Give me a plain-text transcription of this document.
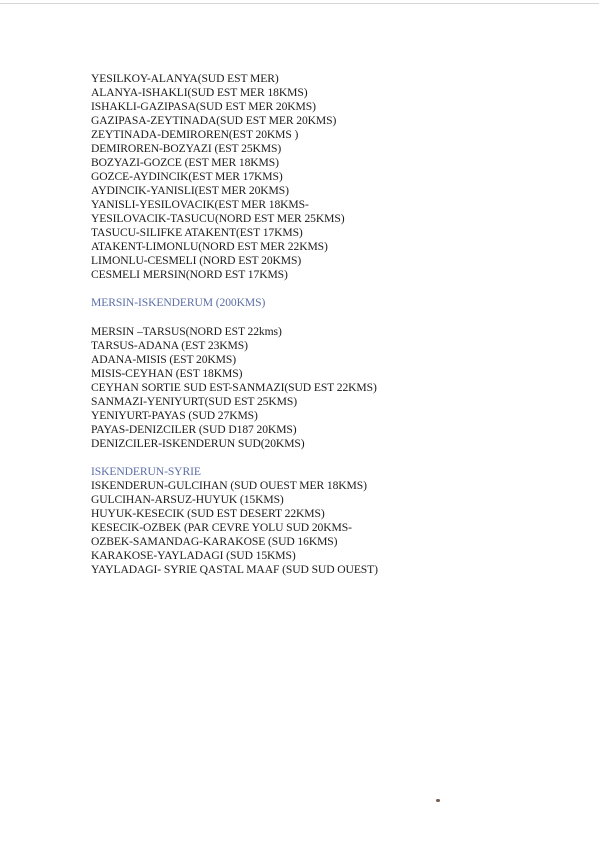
YESILKOY-ALANYA(SUD EST MER)
ALANYA-ISHAKLI(SUD EST MER 18KMS)
ISHAKLI-GAZIPASA(SUD EST MER 20KMS)
GAZIPASA-ZEYTINADA(SUD EST MER 20KMS)
ZEYTINADA-DEMIROREN(EST 20KMS )
DEMIROREN-BOZYAZI (EST 25KMS)
BOZYAZI-GOZCE (EST MER 18KMS)
GOZCE-AYDINCIK(EST MER 17KMS)
AYDINCIK-YANISLI(EST MER 20KMS)
YANISLI-YESILOVACIK(EST MER 18KMS-
YESILOVACIK-TASUCU(NORD EST MER 25KMS)
TASUCU-SILIFKE ATAKENT(EST 17KMS)
ATAKENT-LIMONLU(NORD EST MER 22KMS)
LIMONLU-CESMELI (NORD EST 20KMS)
CESMELI MERSIN(NORD EST 17KMS)
MERSIN-ISKENDERUM (200KMS)
MERSIN –TARSUS(NORD EST 22kms)
TARSUS-ADANA (EST 23KMS)
ADANA-MISIS (EST 20KMS)
MISIS-CEYHAN (EST 18KMS)
CEYHAN SORTIE SUD EST-SANMAZI(SUD EST 22KMS)
SANMAZI-YENIYURT(SUD EST 25KMS)
YENIYURT-PAYAS (SUD 27KMS)
PAYAS-DENIZCILER (SUD D187 20KMS)
DENIZCILER-ISKENDERUN SUD(20KMS)
ISKENDERUN-SYRIE
ISKENDERUN-GULCIHAN (SUD OUEST MER 18KMS)
GULCIHAN-ARSUZ-HUYUK (15KMS)
HUYUK-KESECIK (SUD EST DESERT 22KMS)
KESECIK-OZBEK (PAR CEVRE YOLU SUD 20KMS-
OZBEK-SAMANDAG-KARAKOSE (SUD 16KMS)
KARAKOSE-YAYLADAGI (SUD 15KMS)
YAYLADAGI- SYRIE QASTAL MAAF (SUD SUD OUEST)
